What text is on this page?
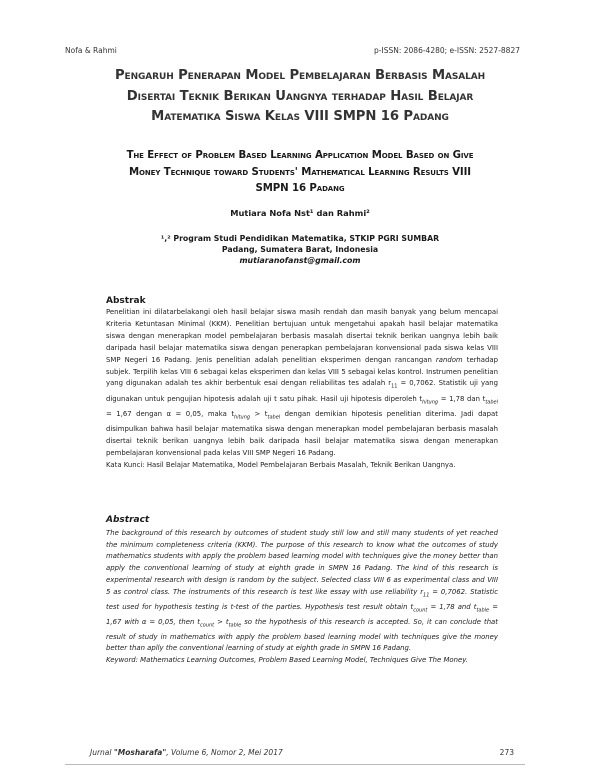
Nofa & Rahmi	p-ISSN: 2086-4280; e-ISSN: 2527-8827
Pengaruh Penerapan Model Pembelajaran Berbasis Masalah
Disertai Teknik Berikan Uangnya terhadap Hasil Belajar
Matematika Siswa Kelas VIII SMPN 16 Padang
The Effect of Problem Based Learning Application Model Based on Give
Money Technique toward Students' Mathematical Learning Results VIII
SMPN 16 Padang
Mutiara Nofa Nst¹ dan Rahmi²
¹,² Program Studi Pendidikan Matematika, STKIP PGRI SUMBAR
Padang, Sumatera Barat, Indonesia
mutiaranofanst@gmail.com
Abstrak

Penelitian ini dilatarbelakangi oleh hasil belajar siswa masih rendah dan masih banyak yang belum mencapai Kriteria Ketuntasan Minimal (KKM). Penelitian bertujuan untuk mengetahui apakah hasil belajar matematika siswa dengan menerapkan model pembelajaran berbasis masalah disertai teknik berikan uangnya lebih baik daripada hasil belajar matematika siswa dengan penerapkan pembelajaran konvensional pada siswa kelas VIII SMP Negeri 16 Padang. Jenis penelitian adalah penelitian eksperimen dengan rancangan random terhadap subjek. Terpilih kelas VIII 6 sebagai kelas eksperimen dan kelas VIII 5 sebagai kelas kontrol. Instrumen penelitian yang digunakan adalah tes akhir berbentuk esai dengan reliabilitas tes adalah $r_{11} = 0,7062$. Statistik uji yang digunakan untuk pengujian hipotesis adalah uji t satu pihak. Hasil uji hipotesis diperoleh $t_{hitung} = 1,78$ dan $t_{tabel} = 1,67$ dengan α = 0,05, maka $t_{hitung} > t_{tabel}$ dengan demikian hipotesis penelitian diterima. Jadi dapat disimpulkan bahwa hasil belajar matematika siswa dengan menerapkan model pembelajaran berbasis masalah disertai teknik berikan uangnya lebih baik daripada hasil belajar matematika siswa dengan menerapkan pembelajaran konvensional pada kelas VIII SMP Negeri 16 Padang.

Kata Kunci: Hasil Belajar Matematika, Model Pembelajaran Berbais Masalah, Teknik Berikan Uangnya.

Abstract

The background of this research by outcomes of student study still low and still many students of yet reached the minimum completeness criteria (KKM). The purpose of this research to know what the outcomes of study mathematics students with apply the problem based learning model with techniques give the money better than apply the conventional learning of study at eighth grade in SMPN 16 Padang. The kind of this research is experimental research with design is random by the subject. Selected class VIII 6 as experimental class and VIII 5 as control class. The instruments of this research is test like essay with use reliability $r_{11} = 0,7062$. Statistic test used for hypothesis testing is t-test of the parties. Hypothesis test result obtain $t_{count} = 1,78$ and $t_{table} = 1,67$ with α = 0,05, then $t_{count} > t_{table}$ so the hypothesis of this research is accepted. So, it can conclude that result of study in mathematics with apply the problem based learning model with techniques give the money better than aplly the conventional learning of study at eighth grade in SMPN 16 Padang.

Keyword: Mathematics Learning Outcomes, Problem Based Learning Model, Techniques Give The Money.

Jurnal "Mosharafa", Volume 6, Nomor 2, Mei 2017	273
